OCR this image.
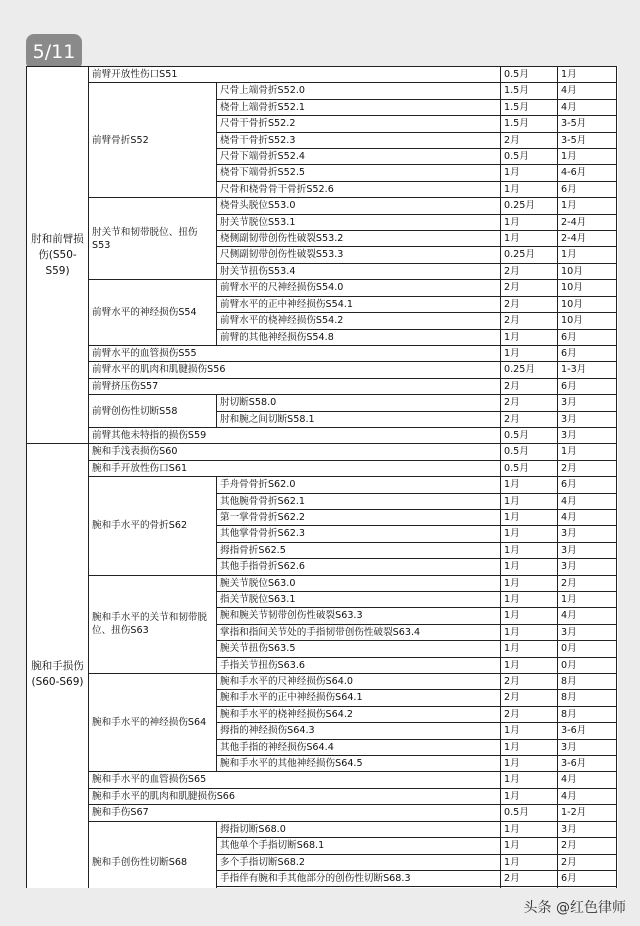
5/11
肘和前臂损伤(S50-S59)	前臂开放性伤口S51		0.5月	1月
	前臂骨折S52	尺骨上端骨折S52.0	1.5月	4月
		桡骨上端骨折S52.1	1.5月	4月
		尺骨干骨折S52.2	1.5月	3-5月
		桡骨干骨折S52.3	2月	3-5月
		尺骨下端骨折S52.4	0.5月	1月
		桡骨下端骨折S52.5	1月	4-6月
		尺骨和桡骨骨干骨折S52.6	1月	6月
	肘关节和韧带脱位、扭伤S53	桡骨头脱位S53.0	0.25月	1月
		肘关节脱位S53.1	1月	2-4月
		桡侧副韧带创伤性破裂S53.2	1月	2-4月
		尺侧副韧带创伤性破裂S53.3	0.25月	1月
		肘关节扭伤S53.4	2月	10月
	前臂水平的神经损伤S54	前臂水平的尺神经损伤S54.0	2月	10月
		前臂水平的正中神经损伤S54.1	2月	10月
		前臂水平的桡神经损伤S54.2	2月	10月
		前臂的其他神经损伤S54.8	1月	6月
	前臂水平的血管损伤S55		1月	6月
	前臂水平的肌肉和肌腱损伤S56		0.25月	1-3月
	前臂挤压伤S57		2月	6月
	前臂创伤性切断S58	肘切断S58.0	2月	3月
		肘和腕之间切断S58.1	2月	3月
	前臂其他未特指的损伤S59		0.5月	3月
腕和手损伤(S60-S69)	腕和手浅表损伤S60		0.5月	1月
	腕和手开放性伤口S61		0.5月	2月
	腕和手水平的骨折S62	手舟骨骨折S62.0	1月	6月
		其他腕骨骨折S62.1	1月	4月
		第一掌骨骨折S62.2	1月	4月
		其他掌骨骨折S62.3	1月	3月
		拇指骨折S62.5	1月	3月
		其他手指骨折S62.6	1月	3月
	腕和手水平的关节和韧带脱位、扭伤S63	腕关节脱位S63.0	1月	2月
		指关节脱位S63.1	1月	1月
		腕和腕关节韧带创伤性破裂S63.3	1月	4月
		掌指和指间关节处的手指韧带创伤性破裂S63.4	1月	3月
		腕关节扭伤S63.5	1月	0月
		手指关节扭伤S63.6	1月	0月
	腕和手水平的神经损伤S64	腕和手水平的尺神经损伤S64.0	2月	8月
		腕和手水平的正中神经损伤S64.1	2月	8月
		腕和手水平的桡神经损伤S64.2	2月	8月
		拇指的神经损伤S64.3	1月	3-6月
		其他手指的神经损伤S64.4	1月	3月
		腕和手水平的其他神经损伤S64.5	1月	3-6月
	腕和手水平的血管损伤S65		1月	4月
	腕和手水平的肌肉和肌腱损伤S66		1月	4月
	腕和手伤S67		0.5月	1-2月
	腕和手创伤性切断S68	拇指切断S68.0	1月	3月
		其他单个手指切断S68.1	1月	2月
		多个手指切断S68.2	1月	2月
		手指伴有腕和手其他部分的创伤性切断S68.3	2月	6月

头条 @红色律师
